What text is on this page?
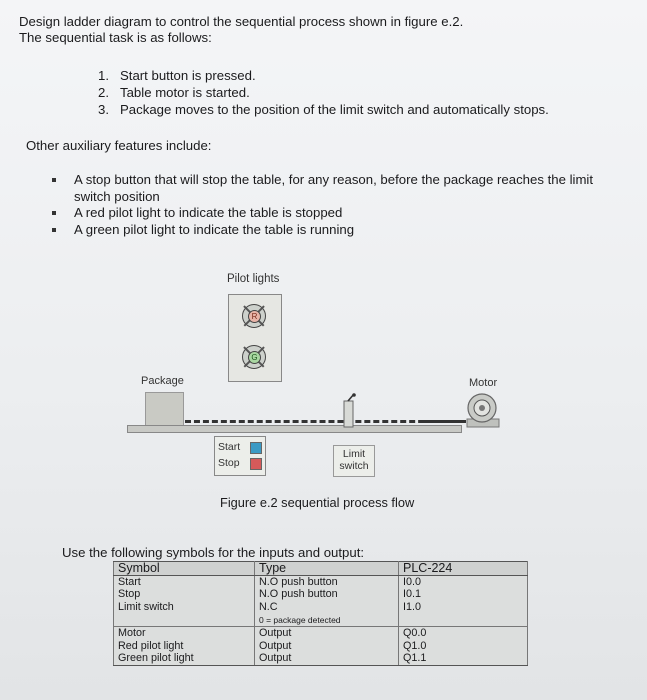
Design ladder diagram to control the sequential process shown in figure e.2.
The sequential task is as follows:
1. Start button is pressed.
2. Table motor is started.
3. Package moves to the position of the limit switch and automatically stops.
Other auxiliary features include:
A stop button that will stop the table, for any reason, before the package reaches the limit switch position
A red pilot light to indicate the table is stopped
A green pilot light to indicate the table is running
Pilot lights
R
G
Package	Motor
Start
Stop
Limit
switch
Figure e.2 sequential process flow
Use the following symbols for the inputs and output:
Symbol	Type	PLC-224
Start	N.O push button	I0.0
Stop	N.O push button	I0.1
Limit switch	N.C	I1.0
	0 = package detected	
Motor	Output	Q0.0
Red pilot light	Output	Q1.0
Green pilot light	Output	Q1.1
